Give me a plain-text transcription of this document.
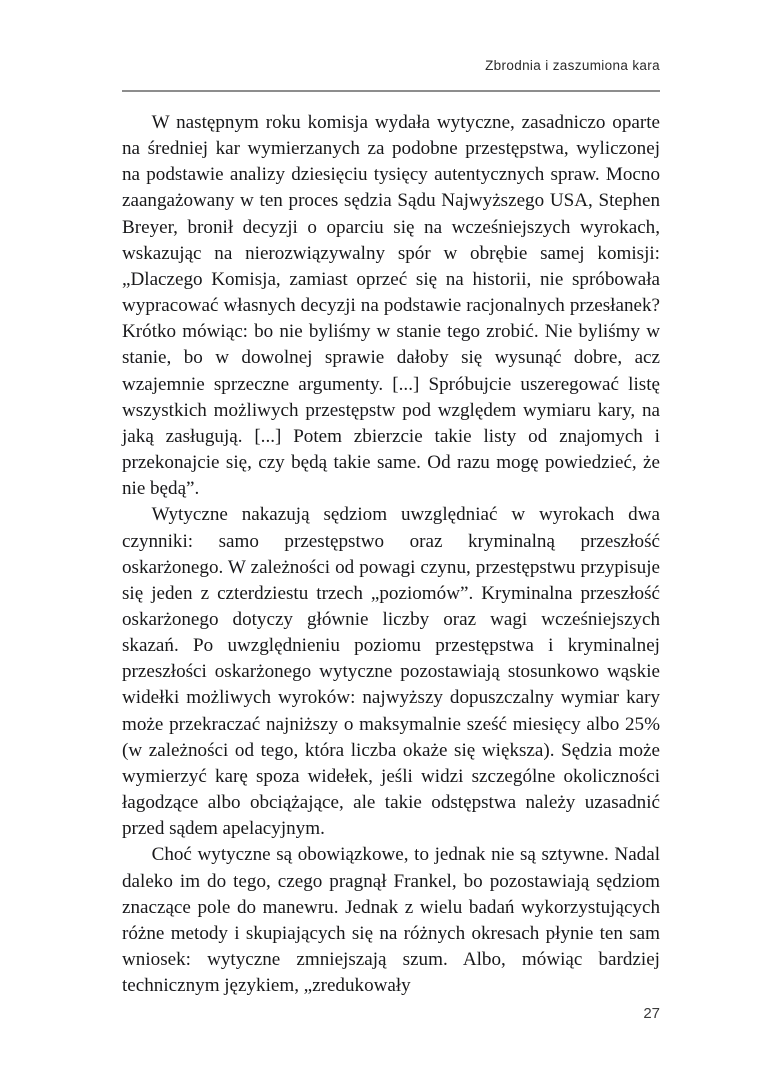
Zbrodnia i zaszumiona kara

W następnym roku komisja wydała wytyczne, zasadniczo oparte na średniej kar wymierzanych za podobne przestępstwa, wyliczonej na podstawie analizy dziesięciu tysięcy autentycznych spraw. Mocno zaangażowany w ten proces sędzia Sądu Najwyższego USA, Stephen Breyer, bronił decyzji o oparciu się na wcześniejszych wyrokach, wskazując na nierozwiązywalny spór w obrębie samej komisji: „Dlaczego Komisja, zamiast oprzeć się na historii, nie spróbowała wypracować własnych decyzji na podstawie racjonalnych przesłanek? Krótko mówiąc: bo nie byliśmy w stanie tego zrobić. Nie byliśmy w stanie, bo w dowolnej sprawie dałoby się wysunąć dobre, acz wzajemnie sprzeczne argumenty. [...] Spróbujcie uszeregować listę wszystkich możliwych przestępstw pod względem wymiaru kary, na jaką zasługują. [...] Potem zbierzcie takie listy od znajomych i przekonajcie się, czy będą takie same. Od razu mogę powiedzieć, że nie będą”.

Wytyczne nakazują sędziom uwzględniać w wyrokach dwa czynniki: samo przestępstwo oraz kryminalną przeszłość oskarżonego. W zależności od powagi czynu, przestępstwu przypisuje się jeden z czterdziestu trzech „poziomów”. Kryminalna przeszłość oskarżonego dotyczy głównie liczby oraz wagi wcześniejszych skazań. Po uwzględnieniu poziomu przestępstwa i kryminalnej przeszłości oskarżonego wytyczne pozostawiają stosunkowo wąskie widełki możliwych wyroków: najwyższy dopuszczalny wymiar kary może przekraczać najniższy o maksymalnie sześć miesięcy albo 25% (w zależności od tego, która liczba okaże się większa). Sędzia może wymierzyć karę spoza widełek, jeśli widzi szczególne okoliczności łagodzące albo obciążające, ale takie odstępstwa należy uzasadnić przed sądem apelacyjnym.

Choć wytyczne są obowiązkowe, to jednak nie są sztywne. Nadal daleko im do tego, czego pragnął Frankel, bo pozostawiają sędziom znaczące pole do manewru. Jednak z wielu badań wykorzystujących różne metody i skupiających się na różnych okresach płynie ten sam wniosek: wytyczne zmniejszają szum. Albo, mówiąc bardziej technicznym językiem, „zredukowały

27
